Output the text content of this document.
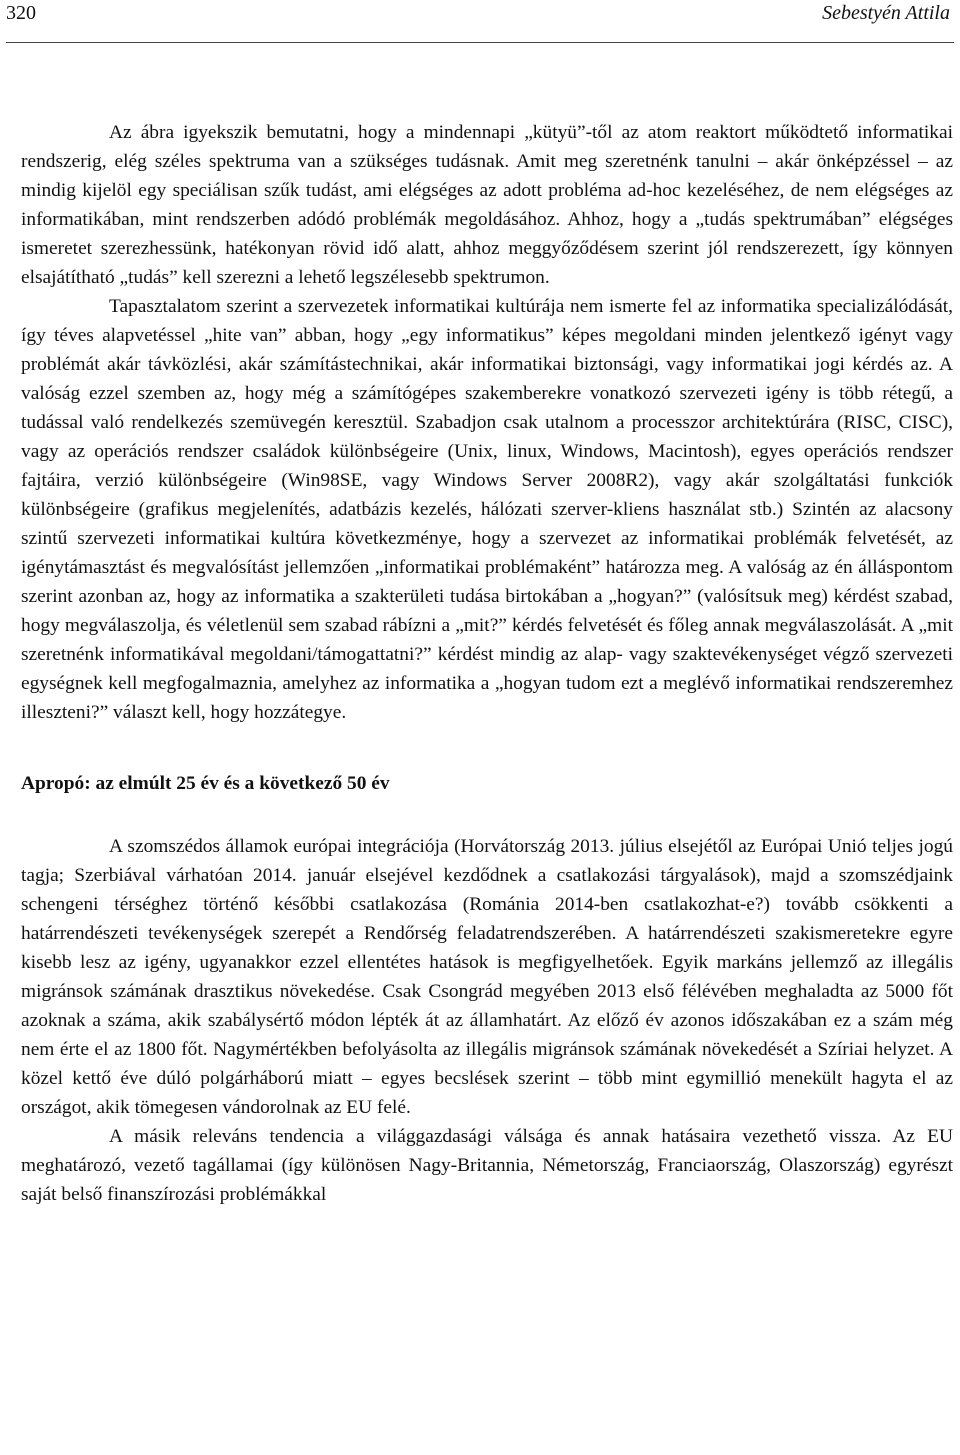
320	Sebestyén Attila

Az ábra igyekszik bemutatni, hogy a mindennapi „kütyü”-től az atom reaktort működtető informatikai rendszerig, elég széles spektruma van a szükséges tudásnak. Amit meg szeretnénk tanulni – akár önképzéssel – az mindig kijelöl egy speciálisan szűk tudást, ami elégséges az adott probléma ad-hoc kezeléséhez, de nem elégséges az informatikában, mint rendszerben adódó problémák megoldásához. Ahhoz, hogy a „tudás spektrumában” elégséges ismeretet szerezhessünk, hatékonyan rövid idő alatt, ahhoz meggyőződésem szerint jól rendszerezett, így könnyen elsajátítható „tudás” kell szerezni a lehető legszélesebb spektrumon.

Tapasztalatom szerint a szervezetek informatikai kultúrája nem ismerte fel az informatika specializálódását, így téves alapvetéssel „hite van” abban, hogy „egy informatikus” képes megoldani minden jelentkező igényt vagy problémát akár távközlési, akár számítástechnikai, akár informatikai biztonsági, vagy informatikai jogi kérdés az. A valóság ezzel szemben az, hogy még a számítógépes szakemberekre vonatkozó szervezeti igény is több rétegű, a tudással való rendelkezés szemüvegén keresztül. Szabadjon csak utalnom a processzor architektúrára (RISC, CISC), vagy az operációs rendszer családok különbségeire (Unix, linux, Windows, Macintosh), egyes operációs rendszer fajtáira, verzió különbségeire (Win98SE, vagy Windows Server 2008R2), vagy akár szolgáltatási funkciók különbségeire (grafikus megjelenítés, adatbázis kezelés, hálózati szerver-kliens használat stb.) Szintén az alacsony szintű szervezeti informatikai kultúra következménye, hogy a szervezet az informatikai problémák felvetését, az igénytámasztást és megvalósítást jellemzően „informatikai problémaként” határozza meg. A valóság az én álláspontom szerint azonban az, hogy az informatika a szakterületi tudása birtokában a „hogyan?” (valósítsuk meg) kérdést szabad, hogy megválaszolja, és véletlenül sem szabad rábízni a „mit?” kérdés felvetését és főleg annak megválaszolását. A „mit szeretnénk informatikával megoldani/támogattatni?” kérdést mindig az alap- vagy szaktevékenységet végző szervezeti egységnek kell megfogalmaznia, amelyhez az informatika a „hogyan tudom ezt a meglévő informatikai rendszeremhez illeszteni?” választ kell, hogy hozzátegye.

Apropó: az elmúlt 25 év és a következő 50 év

A szomszédos államok európai integrációja (Horvátország 2013. július elsejétől az Európai Unió teljes jogú tagja; Szerbiával várhatóan 2014. január elsejével kezdődnek a csatlakozási tárgyalások), majd a szomszédjaink schengeni térséghez történő későbbi csatlakozása (Románia 2014-ben csatlakozhat-e?) tovább csökkenti a határrendészeti tevékenységek szerepét a Rendőrség feladatrendszerében. A határrendészeti szakismeretekre egyre kisebb lesz az igény, ugyanakkor ezzel ellentétes hatások is megfigyelhetőek. Egyik markáns jellemző az illegális migránsok számának drasztikus növekedése. Csak Csongrád megyében 2013 első félévében meghaladta az 5000 főt azoknak a száma, akik szabálysértő módon lépték át az államhatárt. Az előző év azonos időszakában ez a szám még nem érte el az 1800 főt. Nagymértékben befolyásolta az illegális migránsok számának növekedését a Szíriai helyzet. A közel kettő éve dúló polgárháború miatt – egyes becslések szerint – több mint egymillió menekült hagyta el az országot, akik tömegesen vándorolnak az EU felé.

A másik releváns tendencia a világgazdasági válsága és annak hatásaira vezethető vissza. Az EU meghatározó, vezető tagállamai (így különösen Nagy-Britannia, Németország, Franciaország, Olaszország) egyrészt saját belső finanszírozási problémákkal
